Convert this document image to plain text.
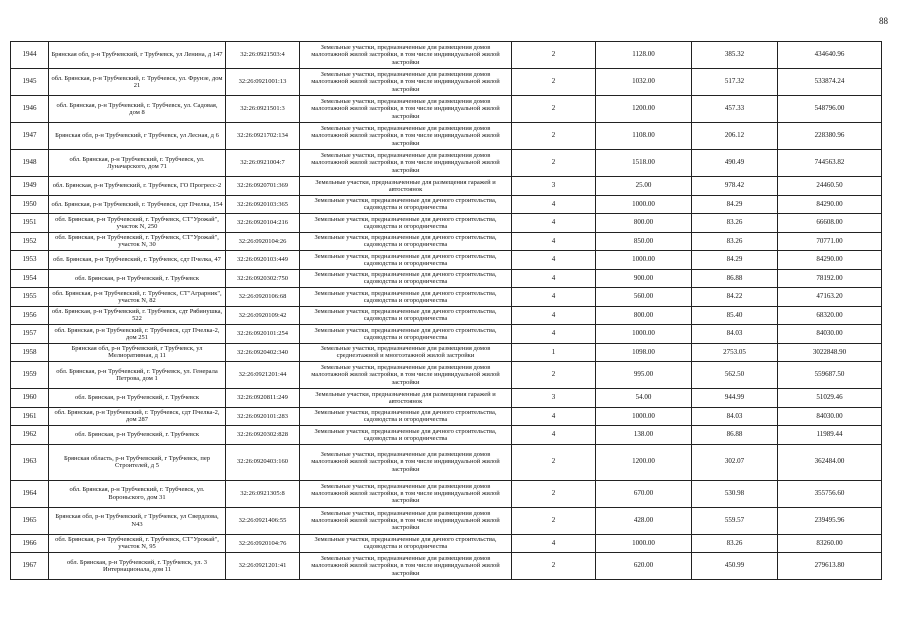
88
1944	Брянская обл, р-н Трубчевский, г Трубчевск, ул Ленина, д 147	32:26:0921503:4	Земельные участки, предназначенные для размещения домов малоэтажной жилой застройки, в том числе индивидуальной жилой застройки	2	1128.00	385.32	434640.96
1945	обл. Брянская, р-н Трубчевский, г. Трубчевск, ул. Фрунзе, дом 21	32:26:0921001:13	Земельные участки, предназначенные для размещения домов малоэтажной жилой застройки, в том числе индивидуальной жилой застройки	2	1032.00	517.32	533874.24
1946	обл. Брянская, р-н Трубчевский, г. Трубчевск, ул. Садовая, дом 8	32:26:0921501:3	Земельные участки, предназначенные для размещения домов малоэтажной жилой застройки, в том числе индивидуальной жилой застройки	2	1200.00	457.33	548796.00
1947	Брянская обл, р-н Трубчевский, г Трубчевск, ул Лесная, д 6	32:26:0921702:134	Земельные участки, предназначенные для размещения домов малоэтажной жилой застройки, в том числе индивидуальной жилой застройки	2	1108.00	206.12	228380.96
1948	обл. Брянская, р-н Трубчевский, г. Трубчевск, ул. Луначарского, дом 71	32:26:0921004:7	Земельные участки, предназначенные для размещения домов малоэтажной жилой застройки, в том числе индивидуальной жилой застройки	2	1518.00	490.49	744563.82
1949	обл. Брянская, р-н Трубчевский, г. Трубчевск, ГО Прогресс-2	32:26:0920701:369	Земельные участки, предназначенные для размещения гаражей и автостоянок	3	25.00	978.42	24460.50
1950	обл. Брянская, р-н Трубчевский, г. Трубчевск, сдт Пчелка, 154	32:26:0920103:365	Земельные участки, предназначенные для дачного строительства, садоводства и огородничества	4	1000.00	84.29	84290.00
1951	обл. Брянская, р-н Трубчевский, г. Трубчевск, СТ"Урожай", участок N, 250	32:26:0920104:216	Земельные участки, предназначенные для дачного строительства, садоводства и огородничества	4	800.00	83.26	66608.00
1952	обл. Брянская, р-н Трубчевский, г. Трубчевск, СТ"Урожай", участок N, 30	32:26:0920104:26	Земельные участки, предназначенные для дачного строительства, садоводства и огородничества	4	850.00	83.26	70771.00
1953	обл. Брянская, р-н Трубчевский, г. Трубчевск, сдт Пчелка, 47	32:26:0920103:449	Земельные участки, предназначенные для дачного строительства, садоводства и огородничества	4	1000.00	84.29	84290.00
1954	обл. Брянская, р-н Трубчевский, г. Трубчевск	32:26:0920302:750	Земельные участки, предназначенные для дачного строительства, садоводства и огородничества	4	900.00	86.88	78192.00
1955	обл. Брянская, р-н Трубчевский, г. Трубчевск, СТ"Аграрник", участок N, 82	32:26:0920106:68	Земельные участки, предназначенные для дачного строительства, садоводства и огородничества	4	560.00	84.22	47163.20
1956	обл. Брянская, р-н Трубчевский, г. Трубчевск, сдт Рябинушка, 522	32:26:0920109:42	Земельные участки, предназначенные для дачного строительства, садоводства и огородничества	4	800.00	85.40	68320.00
1957	обл. Брянская, р-н Трубчевский, г. Трубчевск, сдт Пчелка-2, дом 251	32:26:0920101:254	Земельные участки, предназначенные для дачного строительства, садоводства и огородничества	4	1000.00	84.03	84030.00
1958	Брянская обл, р-н Трубчевский, г Трубчевск, ул Мелиоративная, д 11	32:26:0920402:340	Земельные участки, предназначенные для размещения домов среднеэтажной и многоэтажной жилой застройки	1	1098.00	2753.05	3022848.90
1959	обл. Брянская, р-н Трубчевский, г. Трубчевск, ул. Генерала Петрова, дом 1	32:26:0921201:44	Земельные участки, предназначенные для размещения домов малоэтажной жилой застройки, в том числе индивидуальной жилой застройки	2	995.00	562.50	559687.50
1960	обл. Брянская, р-н Трубчевский, г. Трубчевск	32:26:0920811:249	Земельные участки, предназначенные для размещения гаражей и автостоянок	3	54.00	944.99	51029.46
1961	обл. Брянская, р-н Трубчевский, г. Трубчевск, сдт Пчелка-2, дом 287	32:26:0920101:283	Земельные участки, предназначенные для дачного строительства, садоводства и огородничества	4	1000.00	84.03	84030.00
1962	обл. Брянская, р-н Трубчевский, г. Трубчевск	32:26:0920302:828	Земельные участки, предназначенные для дачного строительства, садоводства и огородничества	4	138.00	86.88	11989.44
1963	Брянская область, р-н Трубчевский, г Трубчевск, пер Строителей, д 5	32:26:0920403:160	Земельные участки, предназначенные для размещения домов малоэтажной жилой застройки, в том числе индивидуальной жилой застройки	2	1200.00	302.07	362484.00
1964	обл. Брянская, р-н Трубчевский, г. Трубчевск, ул. Вороньского, дом 31	32:26:0921305:8	Земельные участки, предназначенные для размещения домов малоэтажной жилой застройки, в том числе индивидуальной жилой застройки	2	670.00	530.98	355756.60
1965	Брянская обл, р-н Трубчевский, г Трубчевск, ул Свердлова, N43	32:26:0921406:55	Земельные участки, предназначенные для размещения домов малоэтажной жилой застройки, в том числе индивидуальной жилой застройки	2	428.00	559.57	239495.96
1966	обл. Брянская, р-н Трубчевский, г. Трубчевск, СТ"Урожай", участок N, 95	32:26:0920104:76	Земельные участки, предназначенные для дачного строительства, садоводства и огородничества	4	1000.00	83.26	83260.00
1967	обл. Брянская, р-н Трубчевский, г. Трубчевск, ул. 3 Интернационала, дом 11	32:26:0921201:41	Земельные участки, предназначенные для размещения домов малоэтажной жилой застройки, в том числе индивидуальной жилой застройки	2	620.00	450.99	279613.80
